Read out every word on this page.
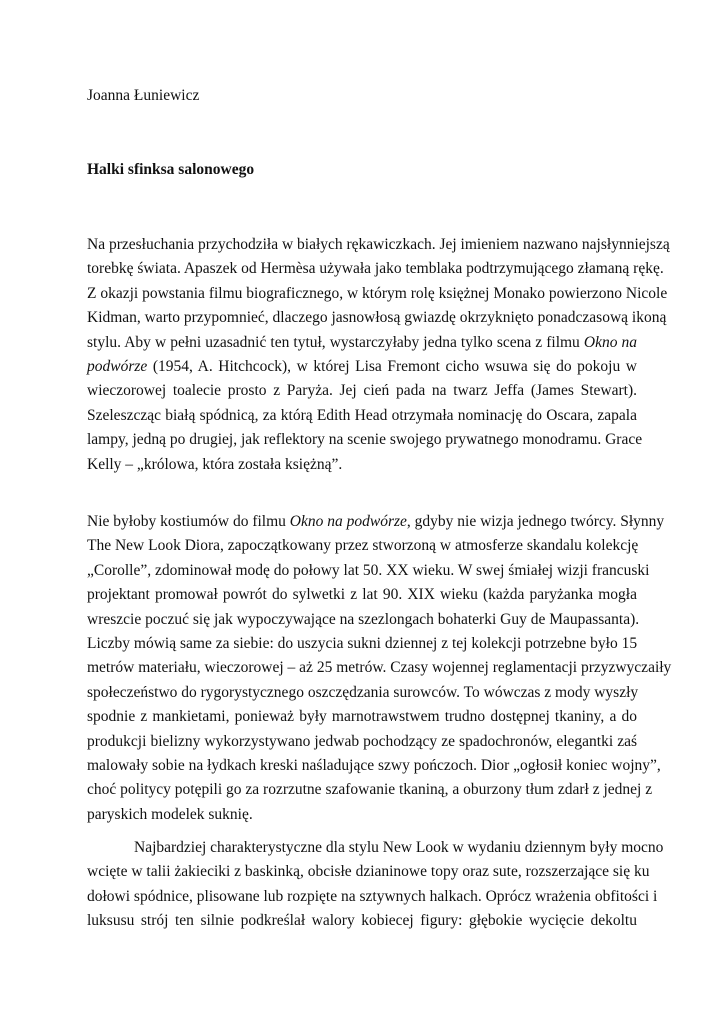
Joanna Łuniewicz

Halki sfinksa salonowego

Na przesłuchania przychodziła w białych rękawiczkach. Jej imieniem nazwano najsłynniejszą
torebkę świata. Apaszek od Hermèsa używała jako temblaka podtrzymującego złamaną rękę.
Z okazji powstania filmu biograficznego, w którym rolę księżnej Monako powierzono Nicole
Kidman, warto przypomnieć, dlaczego jasnowłosą gwiazdę okrzyknięto ponadczasową ikoną
stylu. Aby w pełni uzasadnić ten tytuł, wystarczyłaby jedna tylko scena z filmu Okno na
podwórze (1954, A. Hitchcock), w której Lisa Fremont cicho wsuwa się do pokoju w
wieczorowej toalecie prosto z Paryża. Jej cień pada na twarz Jeffa (James Stewart).
Szeleszcząc białą spódnicą, za którą Edith Head otrzymała nominację do Oscara, zapala
lampy, jedną po drugiej, jak reflektory na scenie swojego prywatnego monodramu. Grace
Kelly – „królowa, która została księżną”.
Nie byłoby kostiumów do filmu Okno na podwórze, gdyby nie wizja jednego twórcy. Słynny
The New Look Diora, zapoczątkowany przez stworzoną w atmosferze skandalu kolekcję
„Corolle”, zdominował modę do połowy lat 50. XX wieku. W swej śmiałej wizji francuski
projektant promował powrót do sylwetki z lat 90. XIX wieku (każda paryżanka mogła
wreszcie poczuć się jak wypoczywające na szezlongach bohaterki Guy de Maupassanta).
Liczby mówią same za siebie: do uszycia sukni dziennej z tej kolekcji potrzebne było 15
metrów materiału, wieczorowej – aż 25 metrów. Czasy wojennej reglamentacji przyzwyczaiły
społeczeństwo do rygorystycznego oszczędzania surowców. To wówczas z mody wyszły
spodnie z mankietami, ponieważ były marnotrawstwem trudno dostępnej tkaniny, a do
produkcji bielizny wykorzystywano jedwab pochodzący ze spadochronów, elegantki zaś
malowały sobie na łydkach kreski naśladujące szwy pończoch. Dior „ogłosił koniec wojny”,
choć politycy potępili go za rozrzutne szafowanie tkaniną, a oburzony tłum zdarł z jednej z
paryskich modelek suknię.
Najbardziej charakterystyczne dla stylu New Look w wydaniu dziennym były mocno
wcięte w talii żakieciki z baskinką, obcisłe dzianinowe topy oraz sute, rozszerzające się ku
dołowi spódnice, plisowane lub rozpięte na sztywnych halkach. Oprócz wrażenia obfitości i
luksusu strój ten silnie podkreślał walory kobiecej figury: głębokie wycięcie dekoltu
